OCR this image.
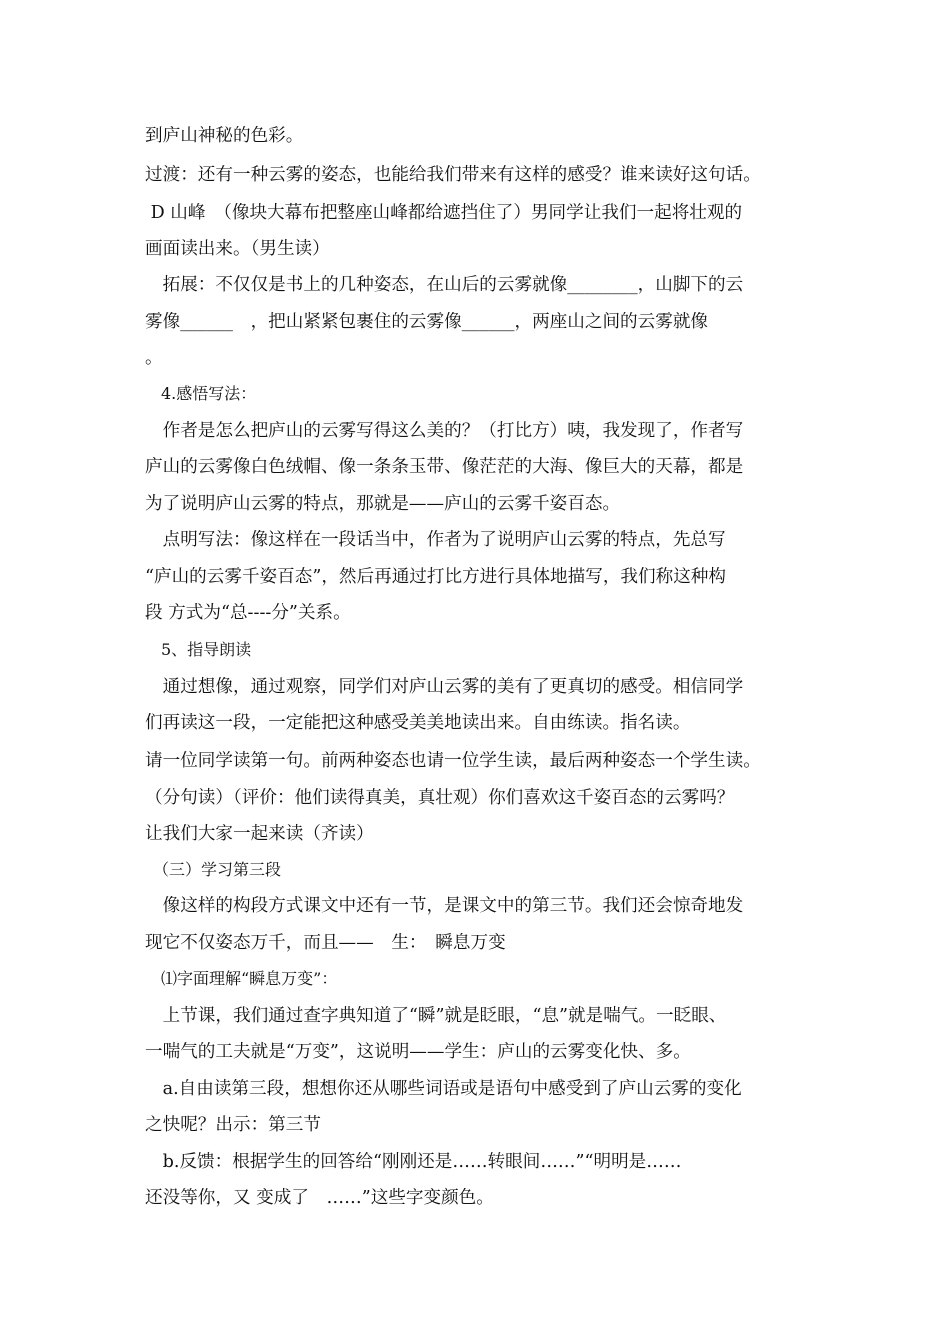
到庐山神秘的色彩。
过渡：还有一种云雾的姿态，也能给我们带来有这样的感受？谁来读好这句话。
D 山峰　（像块大幕布把整座山峰都给遮挡住了）男同学让我们一起将壮观的
画面读出来。（男生读）
　拓展：不仅仅是书上的几种姿态，在山后的云雾就像________，山脚下的云
雾像______　，把山紧紧包裹住的云雾像______，两座山之间的云雾就像
。
　4.感悟写法：
　作者是怎么把庐山的云雾写得这么美的？（打比方）咦，我发现了，作者写
庐山的云雾像白色绒帽、像一条条玉带、像茫茫的大海、像巨大的天幕，都是
为了说明庐山云雾的特点，那就是——庐山的云雾千姿百态。
　点明写法：像这样在一段话当中，作者为了说明庐山云雾的特点，先总写
“庐山的云雾千姿百态”，然后再通过打比方进行具体地描写，我们称这种构
段 方式为“总----分”关系。
　5、指导朗读
　通过想像，通过观察，同学们对庐山云雾的美有了更真切的感受。相信同学
们再读这一段，一定能把这种感受美美地读出来。自由练读。指名读。
请一位同学读第一句。前两种姿态也请一位学生读，最后两种姿态一个学生读。
（分句读）（评价：他们读得真美，真壮观）你们喜欢这千姿百态的云雾吗？
让我们大家一起来读（齐读）
　（三）学习第三段
　像这样的构段方式课文中还有一节，是课文中的第三节。我们还会惊奇地发
现它不仅姿态万千，而且——　生：　瞬息万变
　⑴字面理解“瞬息万变”：
　上节课，我们通过查字典知道了“瞬”就是眨眼，“息”就是喘气。一眨眼、
一喘气的工夫就是“万变”，这说明——学生：庐山的云雾变化快、多。
　a.自由读第三段，想想你还从哪些词语或是语句中感受到了庐山云雾的变化
之快呢？出示：第三节
　b.反馈：根据学生的回答给“刚刚还是……转眼间……”“明明是……
还没等你，又 变成了　……”这些字变颜色。
